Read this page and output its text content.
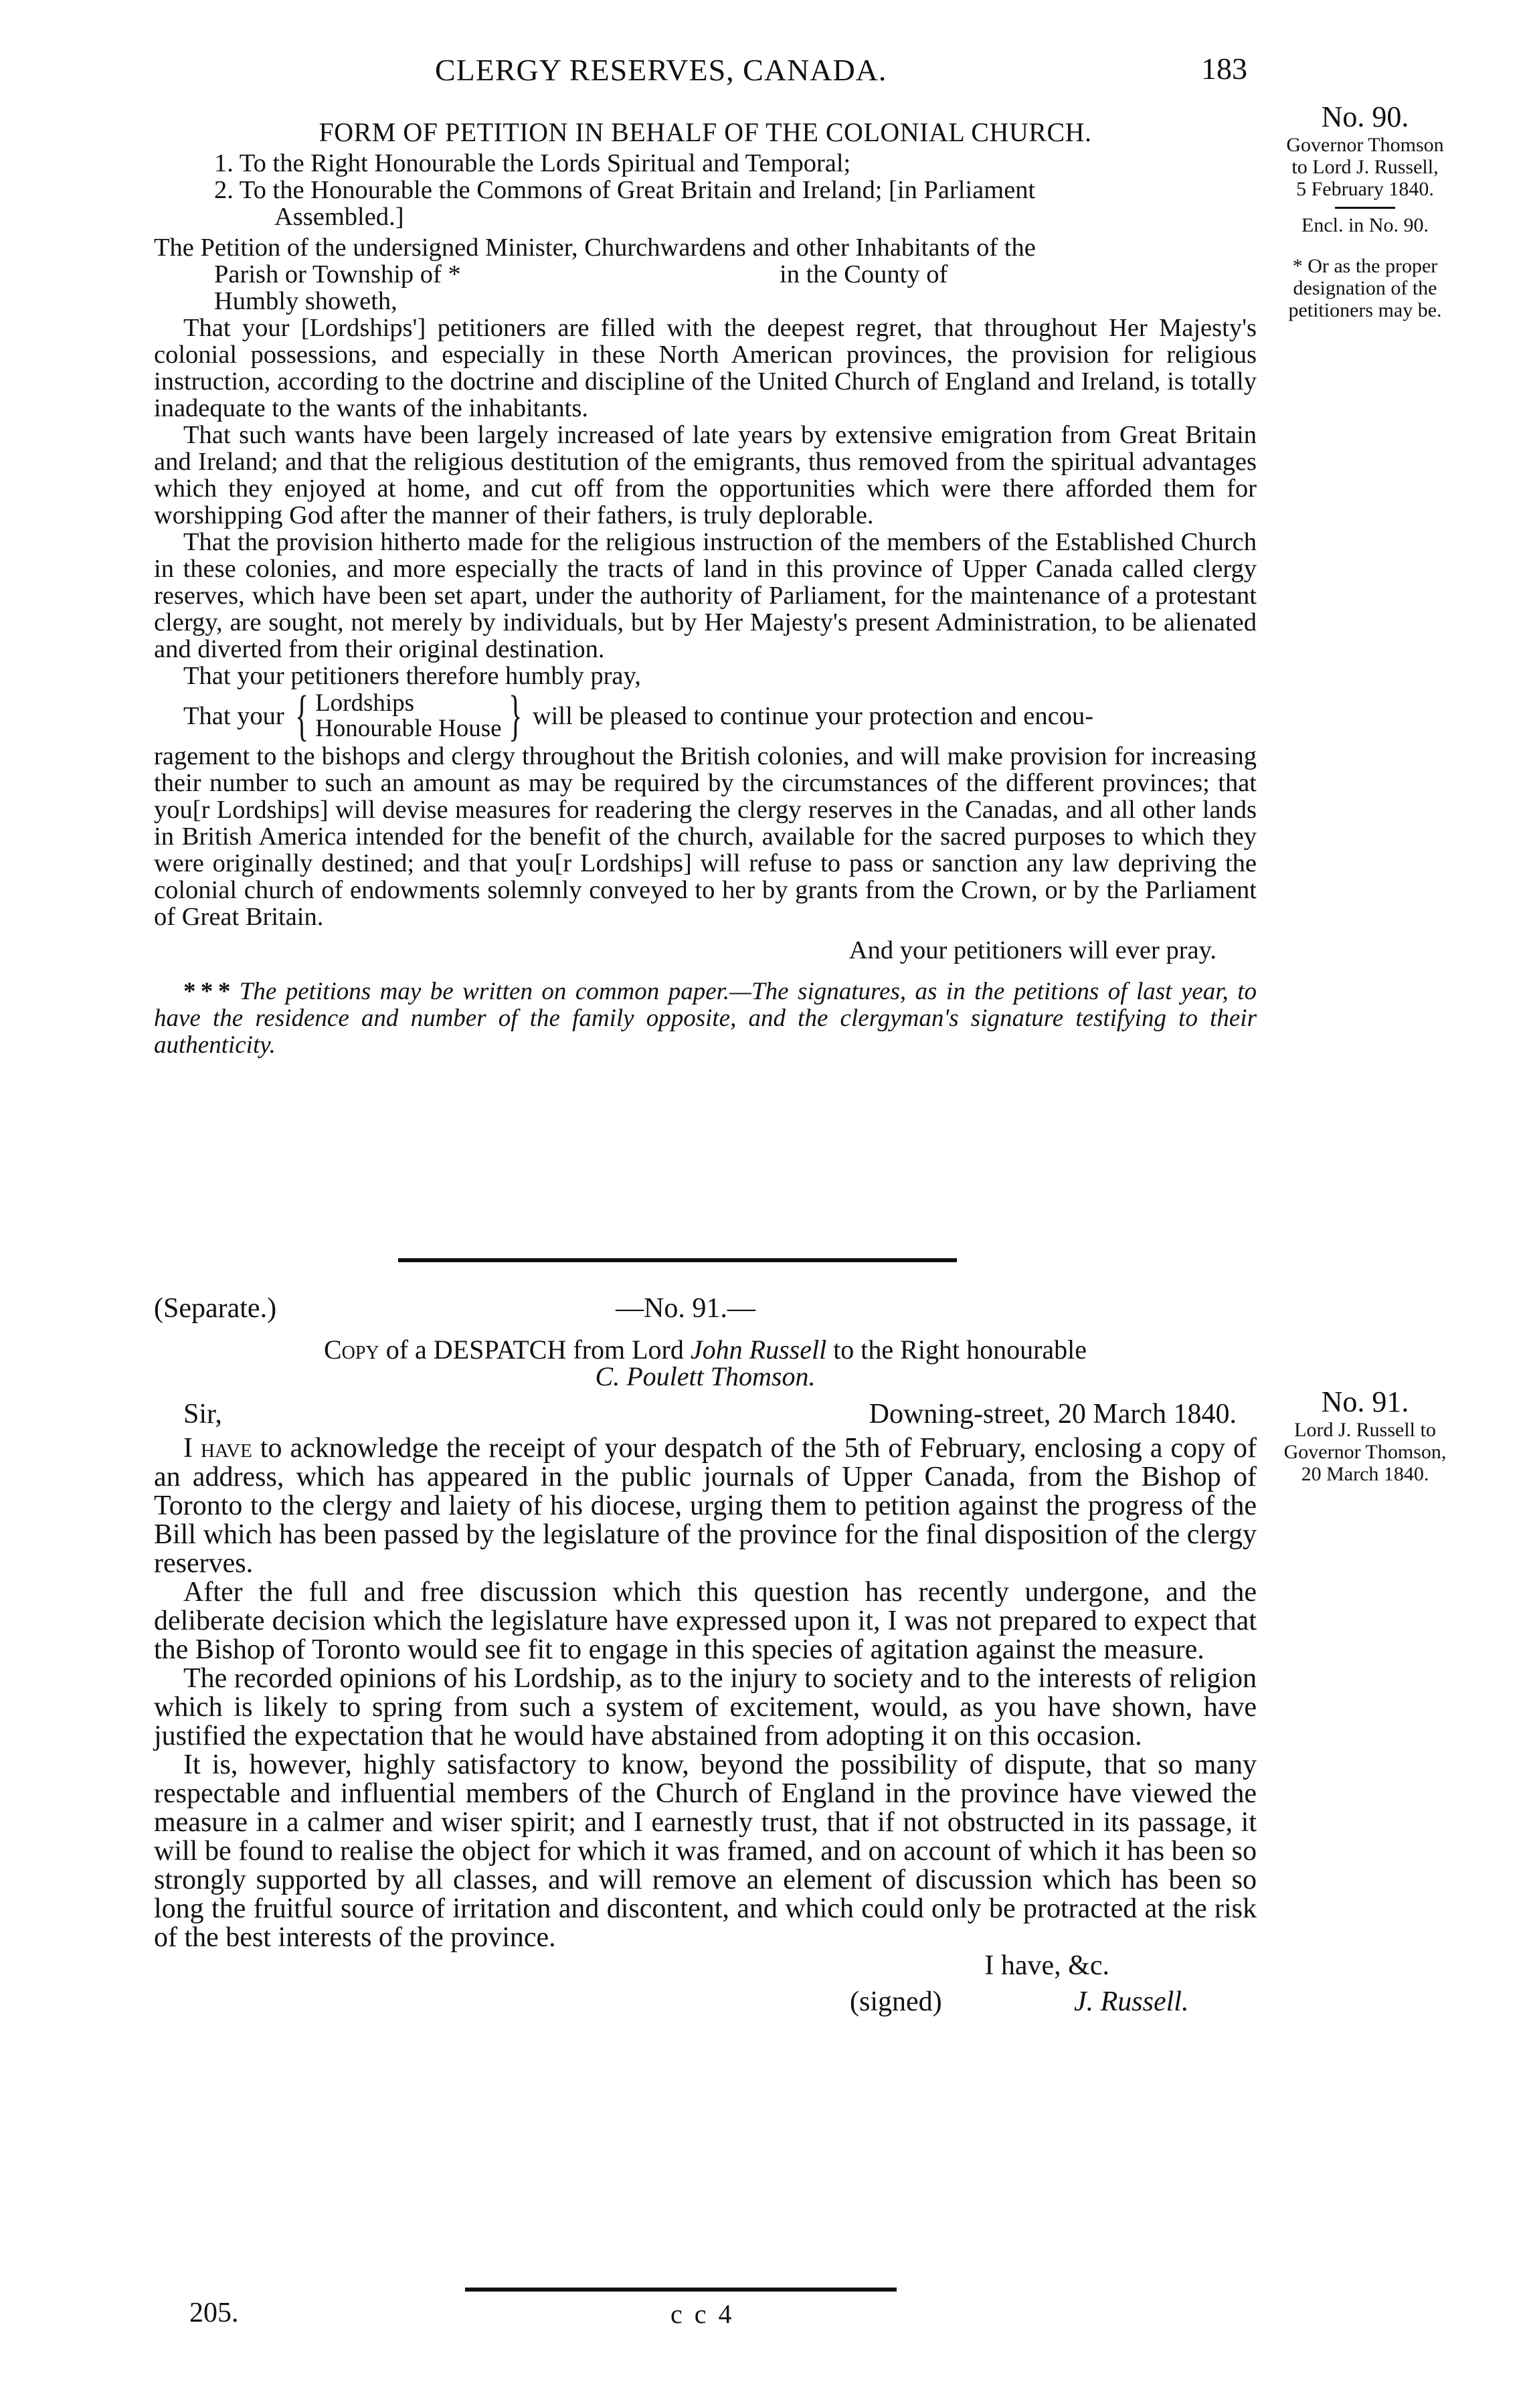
CLERGY RESERVES, CANADA.	183
No. 90.
Governor Thomson
to Lord J. Russell,
5 February 1840.
Encl. in No. 90.
* Or as the proper
designation of the
petitioners may be.

FORM OF PETITION IN BEHALF OF THE COLONIAL CHURCH.

1. To the Right Honourable the Lords Spiritual and Temporal;

2. To the Honourable the Commons of Great Britain and Ireland; [in Parliament

Assembled.]

The Petition of the undersigned Minister, Churchwardens and other Inhabitants of the

Parish or Township of *	in the County of

Humbly showeth,

That your [Lordships'] petitioners are filled with the deepest regret, that throughout Her Majesty's colonial possessions, and especially in these North American provinces, the provision for religious instruction, according to the doctrine and discipline of the United Church of England and Ireland, is totally inadequate to the wants of the inhabitants.

That such wants have been largely increased of late years by extensive emigration from Great Britain and Ireland; and that the religious destitution of the emigrants, thus removed from the spiritual advantages which they enjoyed at home, and cut off from the opportunities which were there afforded them for worshipping God after the manner of their fathers, is truly deplorable.

That the provision hitherto made for the religious instruction of the members of the Established Church in these colonies, and more especially the tracts of land in this province of Upper Canada called clergy reserves, which have been set apart, under the authority of Parliament, for the maintenance of a protestant clergy, are sought, not merely by individuals, but by Her Majesty's present Administration, to be alienated and diverted from their original destination.

That your petitioners therefore humbly pray,

That your { Lordships
Honourable House } will be pleased to continue your protection and encou-

ragement to the bishops and clergy throughout the British colonies, and will make provision for increasing their number to such an amount as may be required by the circumstances of the different provinces; that you[r Lordships] will devise measures for readering the clergy reserves in the Canadas, and all other lands in British America intended for the benefit of the church, available for the sacred purposes to which they were originally destined; and that you[r Lordships] will refuse to pass or sanction any law depriving the colonial church of endowments solemnly conveyed to her by grants from the Crown, or by the Parliament of Great Britain.

And your petitioners will ever pray.

* * * The petitions may be written on common paper.—The signatures, as in the petitions of last year, to have the residence and number of the family opposite, and the clergyman's signature testifying to their authenticity.

No. 91.
Lord J. Russell to
Governor Thomson,
20 March 1840.
(Separate.)	—No. 91.—

Copy of a DESPATCH from Lord John Russell to the Right honourable

C. Poulett Thomson.

Sir,	Downing-street, 20 March 1840.

I have to acknowledge the receipt of your despatch of the 5th of February, enclosing a copy of an address, which has appeared in the public journals of Upper Canada, from the Bishop of Toronto to the clergy and laiety of his diocese, urging them to petition against the progress of the Bill which has been passed by the legislature of the province for the final disposition of the clergy reserves.

After the full and free discussion which this question has recently undergone, and the deliberate decision which the legislature have expressed upon it, I was not prepared to expect that the Bishop of Toronto would see fit to engage in this species of agitation against the measure.

The recorded opinions of his Lordship, as to the injury to society and to the interests of religion which is likely to spring from such a system of excitement, would, as you have shown, have justified the expectation that he would have abstained from adopting it on this occasion.

It is, however, highly satisfactory to know, beyond the possibility of dispute, that so many respectable and influential members of the Church of England in the province have viewed the measure in a calmer and wiser spirit; and I earnestly trust, that if not obstructed in its passage, it will be found to realise the object for which it was framed, and on account of which it has been so strongly supported by all classes, and will remove an element of discussion which has been so long the fruitful source of irritation and discontent, and which could only be protracted at the risk of the best interests of the province.

I have, &c.

(signed)	J. Russell.
205.	c c 4
